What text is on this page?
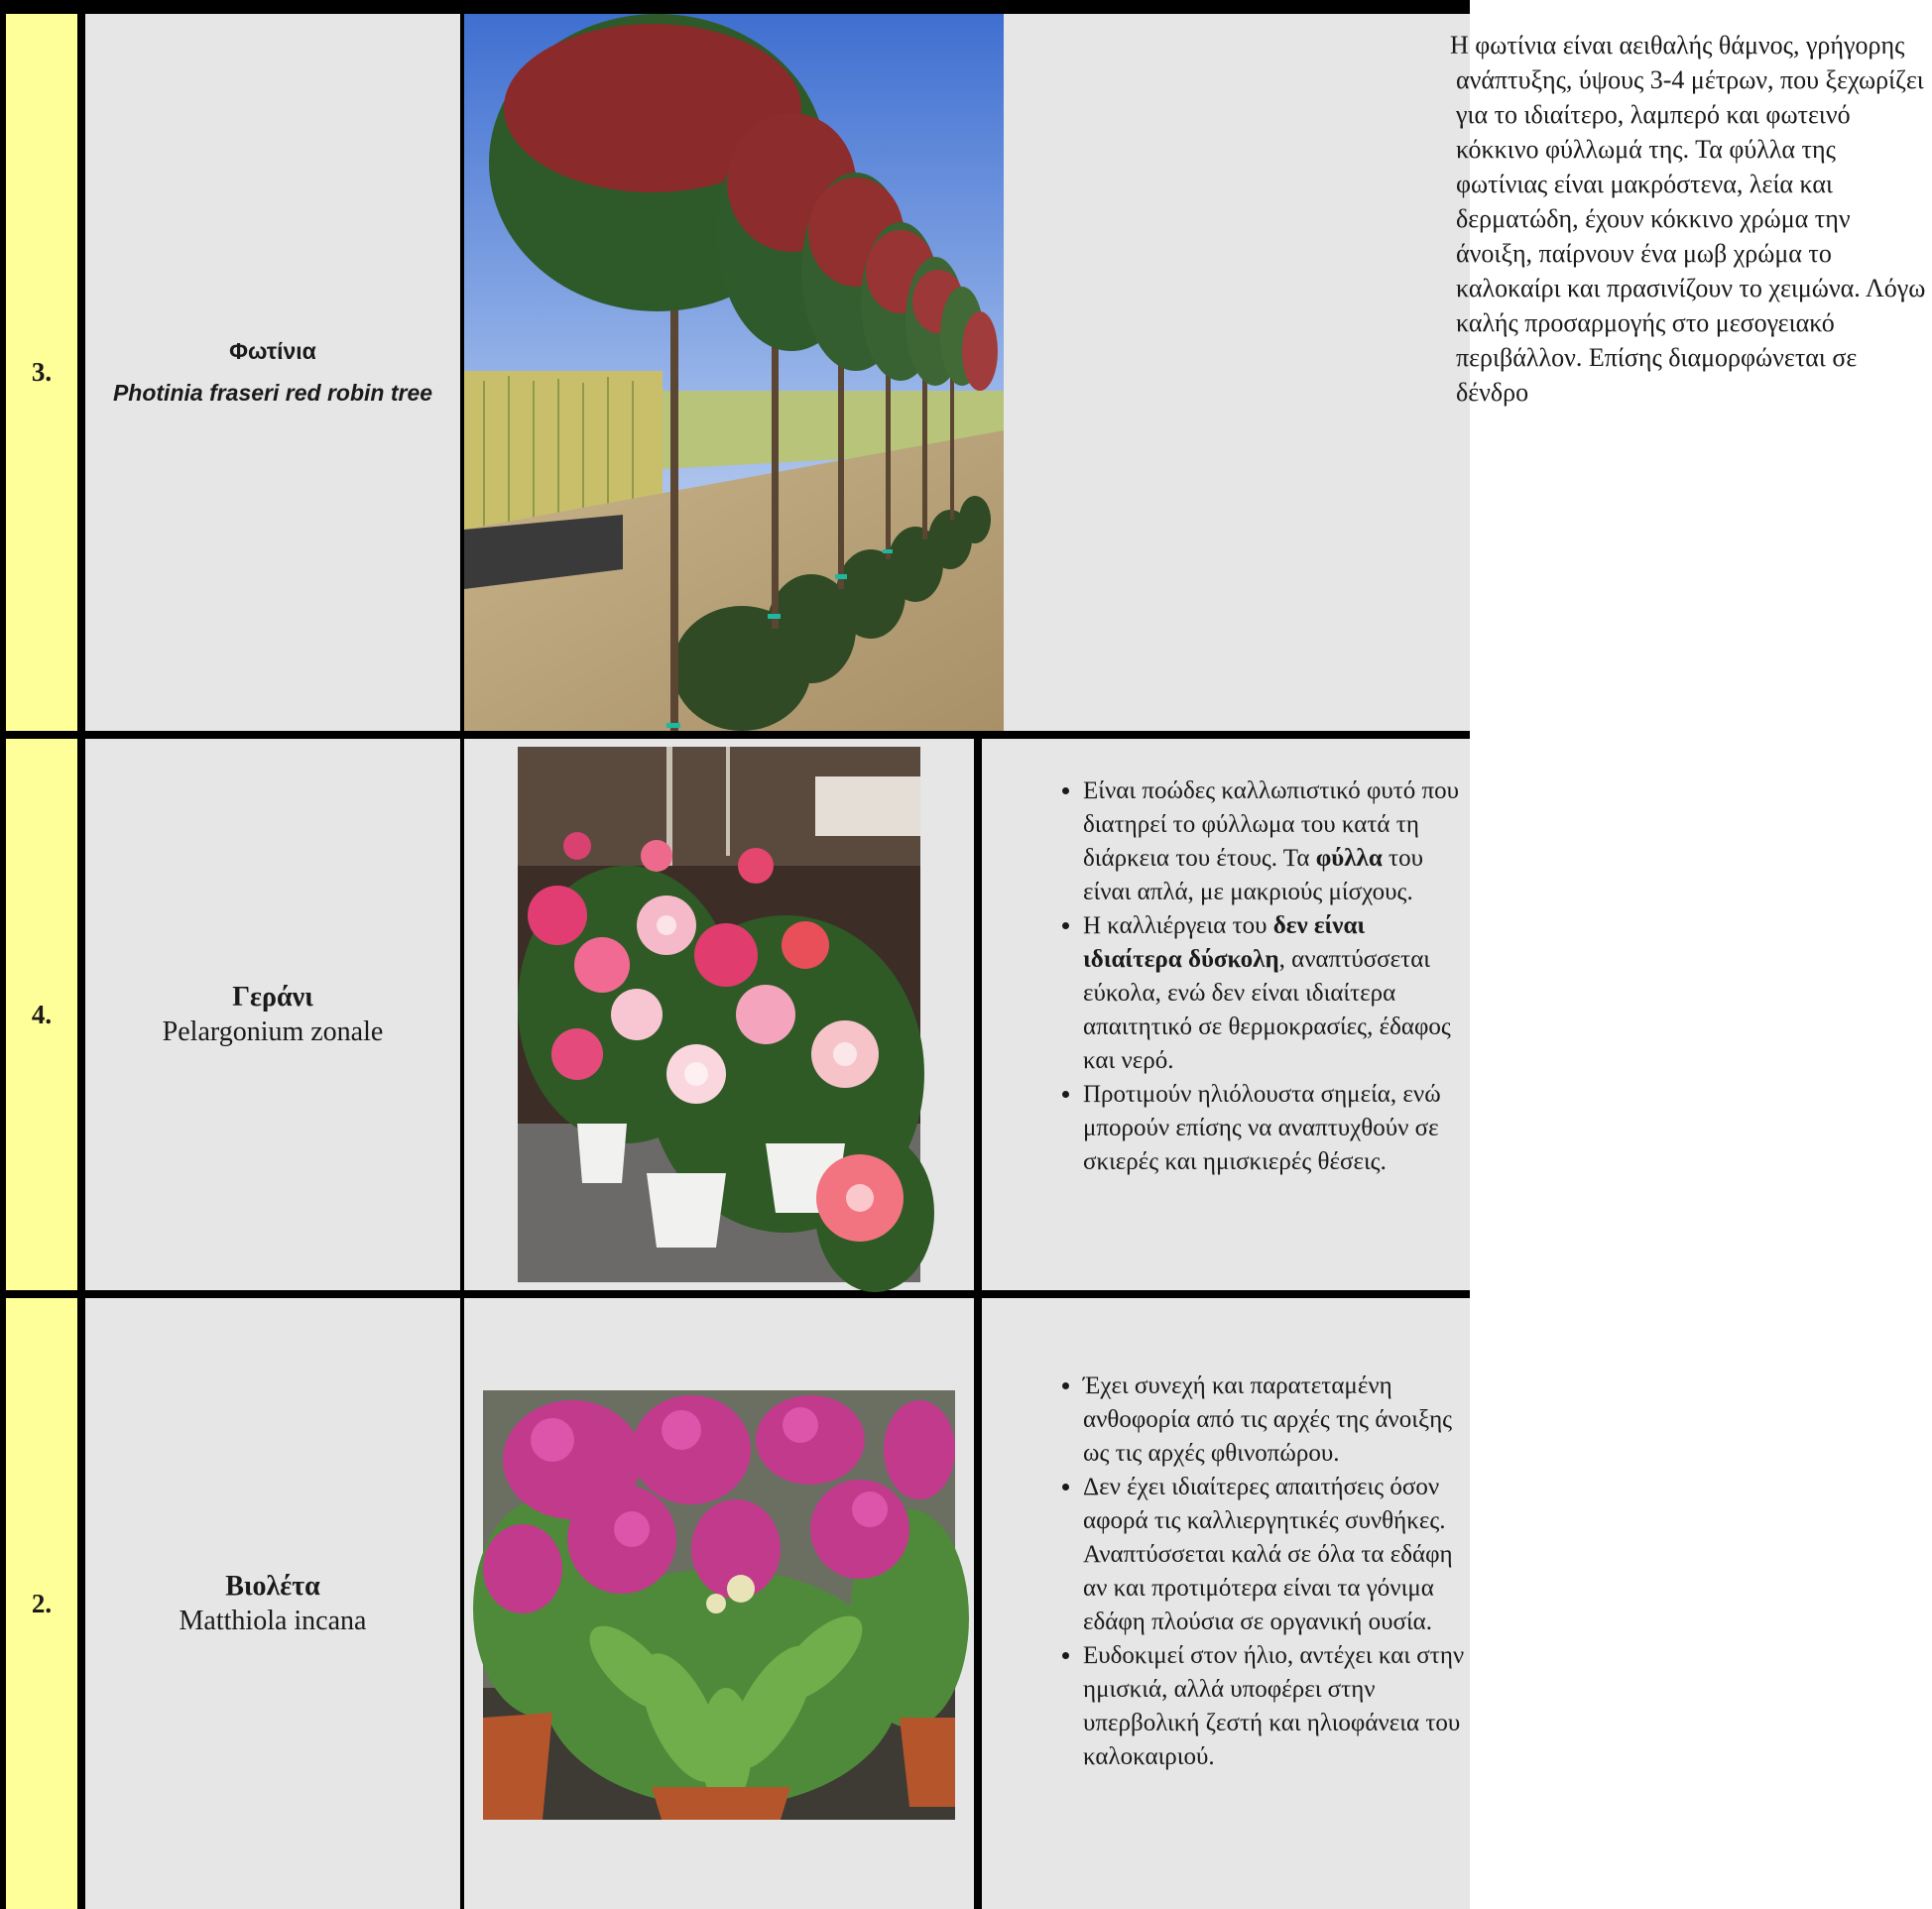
3.
Φωτίνια
Photinia fraseri red robin tree
Η φωτίνια είναι αειθαλής θάμνος, γρήγορης ανάπτυξης, ύψους 3-4 μέτρων, που ξεχωρίζει για το ιδιαίτερο, λαμπερό και φωτεινό κόκκινο φύλλωμά της. Τα φύλλα της φωτίνιας είναι μακρόστενα, λεία και δερματώδη, έχουν κόκκινο χρώμα την άνοιξη, παίρνουν ένα μωβ χρώμα το καλοκαίρι και πρασινίζουν το χειμώνα. Λόγω καλής προσαρμογής στο μεσογειακό περιβάλλον. Επίσης διαμορφώνεται σε δένδρο
4.
Γεράνι
Pelargonium zonale
• Είναι ποώδες καλλωπιστικό φυτό που διατηρεί το φύλλωμα του κατά τη διάρκεια του έτους. Τα φύλλα του είναι απλά, με μακριούς μίσχους.
• Η καλλιέργεια του δεν είναι ιδιαίτερα δύσκολη, αναπτύσσεται εύκολα, ενώ δεν είναι ιδιαίτερα απαιτητικό σε θερμοκρασίες, έδαφος και νερό.
• Προτιμούν ηλιόλουστα σημεία, ενώ μπορούν επίσης να αναπτυχθούν σε σκιερές και ημισκιερές θέσεις.
2.
Βιολέτα
Matthiola incana
• Έχει συνεχή και παρατεταμένη ανθοφορία από τις αρχές της άνοιξης ως τις αρχές φθινοπώρου.
• Δεν έχει ιδιαίτερες απαιτήσεις όσον αφορά τις καλλιεργητικές συνθήκες. Αναπτύσσεται καλά σε όλα τα εδάφη αν και προτιμότερα είναι τα γόνιμα εδάφη πλούσια σε οργανική ουσία.
• Ευδοκιμεί στον ήλιο, αντέχει και στην ημισκιά, αλλά υποφέρει στην υπερβολική ζεστή και ηλιοφάνεια του καλοκαιριού.
